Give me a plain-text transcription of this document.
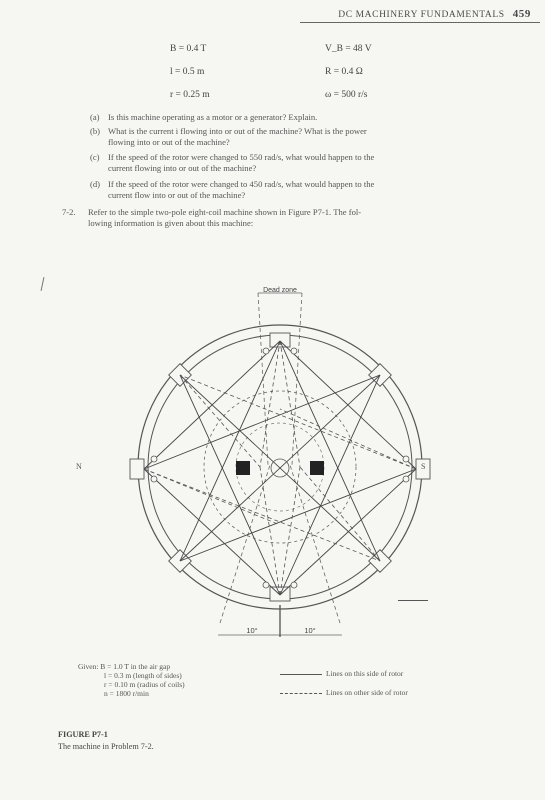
DC MACHINERY FUNDAMENTALS 459
B = 0.4 T	V_B = 48 V
l = 0.5 m	R = 0.4 Ω
r = 0.25 m	ω = 500 r/s
(a) Is this machine operating as a motor or a generator? Explain.
(b) What is the current i flowing into or out of the machine? What is the power
flowing into or out of the machine?
(c) If the speed of the rotor were changed to 550 rad/s, what would happen to the
current flowing into or out of the machine?
(d) If the speed of the rotor were changed to 450 rad/s, what would happen to the
current flow into or out of the machine?
7-2. Refer to the simple two-pole eight-coil machine shown in Figure P7-1. The fol-
lowing information is given about this machine:
Dead zone
10°	10°
N	S
Given: B = 1.0 T in the air gap
l = 0.3 m (length of sides)
r = 0.10 m (radius of coils)
n = 1800 r/min
Lines on this side of rotor
Lines on other side of rotor
FIGURE P7-1
The machine in Problem 7-2.
